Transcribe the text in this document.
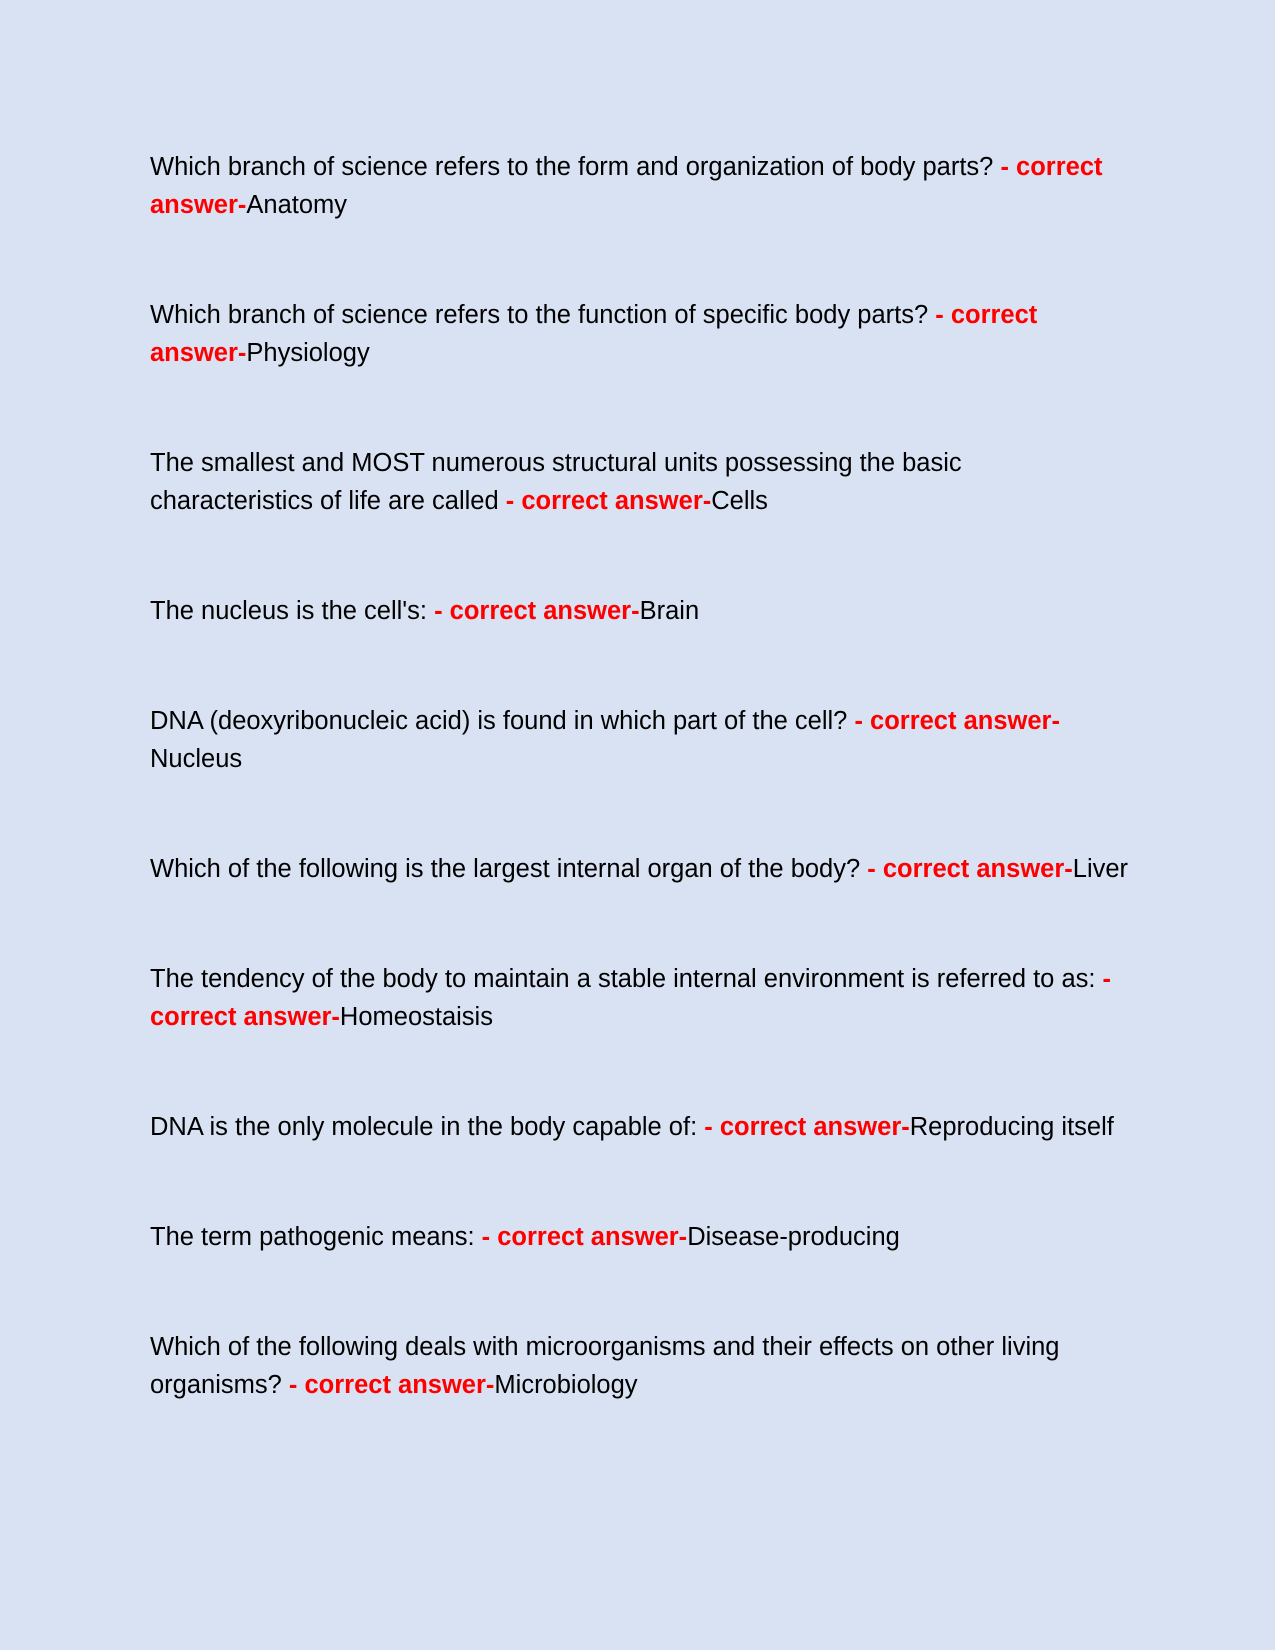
Which branch of science refers to the form and organization of body parts? - correct answer-Anatomy

Which branch of science refers to the function of specific body parts? - correct answer-Physiology

The smallest and MOST numerous structural units possessing the basic characteristics of life are called - correct answer-Cells

The nucleus is the cell's: - correct answer-Brain

DNA (deoxyribonucleic acid) is found in which part of the cell? - correct answer-Nucleus

Which of the following is the largest internal organ of the body? - correct answer-Liver

The tendency of the body to maintain a stable internal environment is referred to as: - correct answer-Homeostaisis

DNA is the only molecule in the body capable of: - correct answer-Reproducing itself

The term pathogenic means: - correct answer-Disease-producing

Which of the following deals with microorganisms and their effects on other living organisms? - correct answer-Microbiology
